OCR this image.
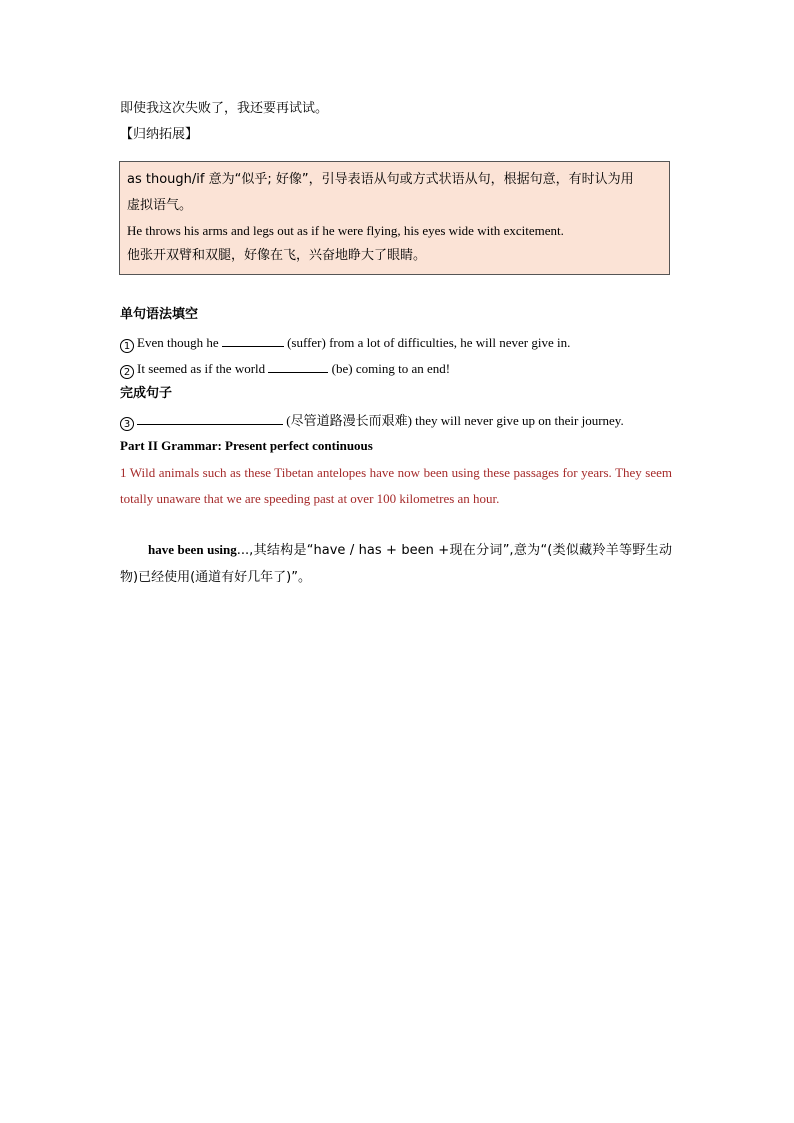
即使我这次失败了，我还要再试试。
【归纳拓展】
as though/if 意为“似乎; 好像”，引导表语从句或方式状语从句，根据句意，有时认为用
虚拟语气。
He throws his arms and legs out as if he were flying, his eyes wide with excitement.
他张开双臂和双腿，好像在飞，兴奋地睁大了眼睛。
单句语法填空
1 Even though he	(suffer) from a lot of difficulties, he will never give in.
2 It seemed as if the world	(be) coming to an end!
完成句子
3	(尽管道路漫长而艰难) they will never give up on their journey.
Part II Grammar: Present perfect continuous
1 Wild animals such as these Tibetan antelopes have now been using these passages for years. They seem totally unaware that we are speeding past at over 100 kilometres an hour.
have been using...,其结构是“have / has + been +现在分词”,意为“(类似藏羚羊等野生动物)已经使用(通道有好几年了)”。
